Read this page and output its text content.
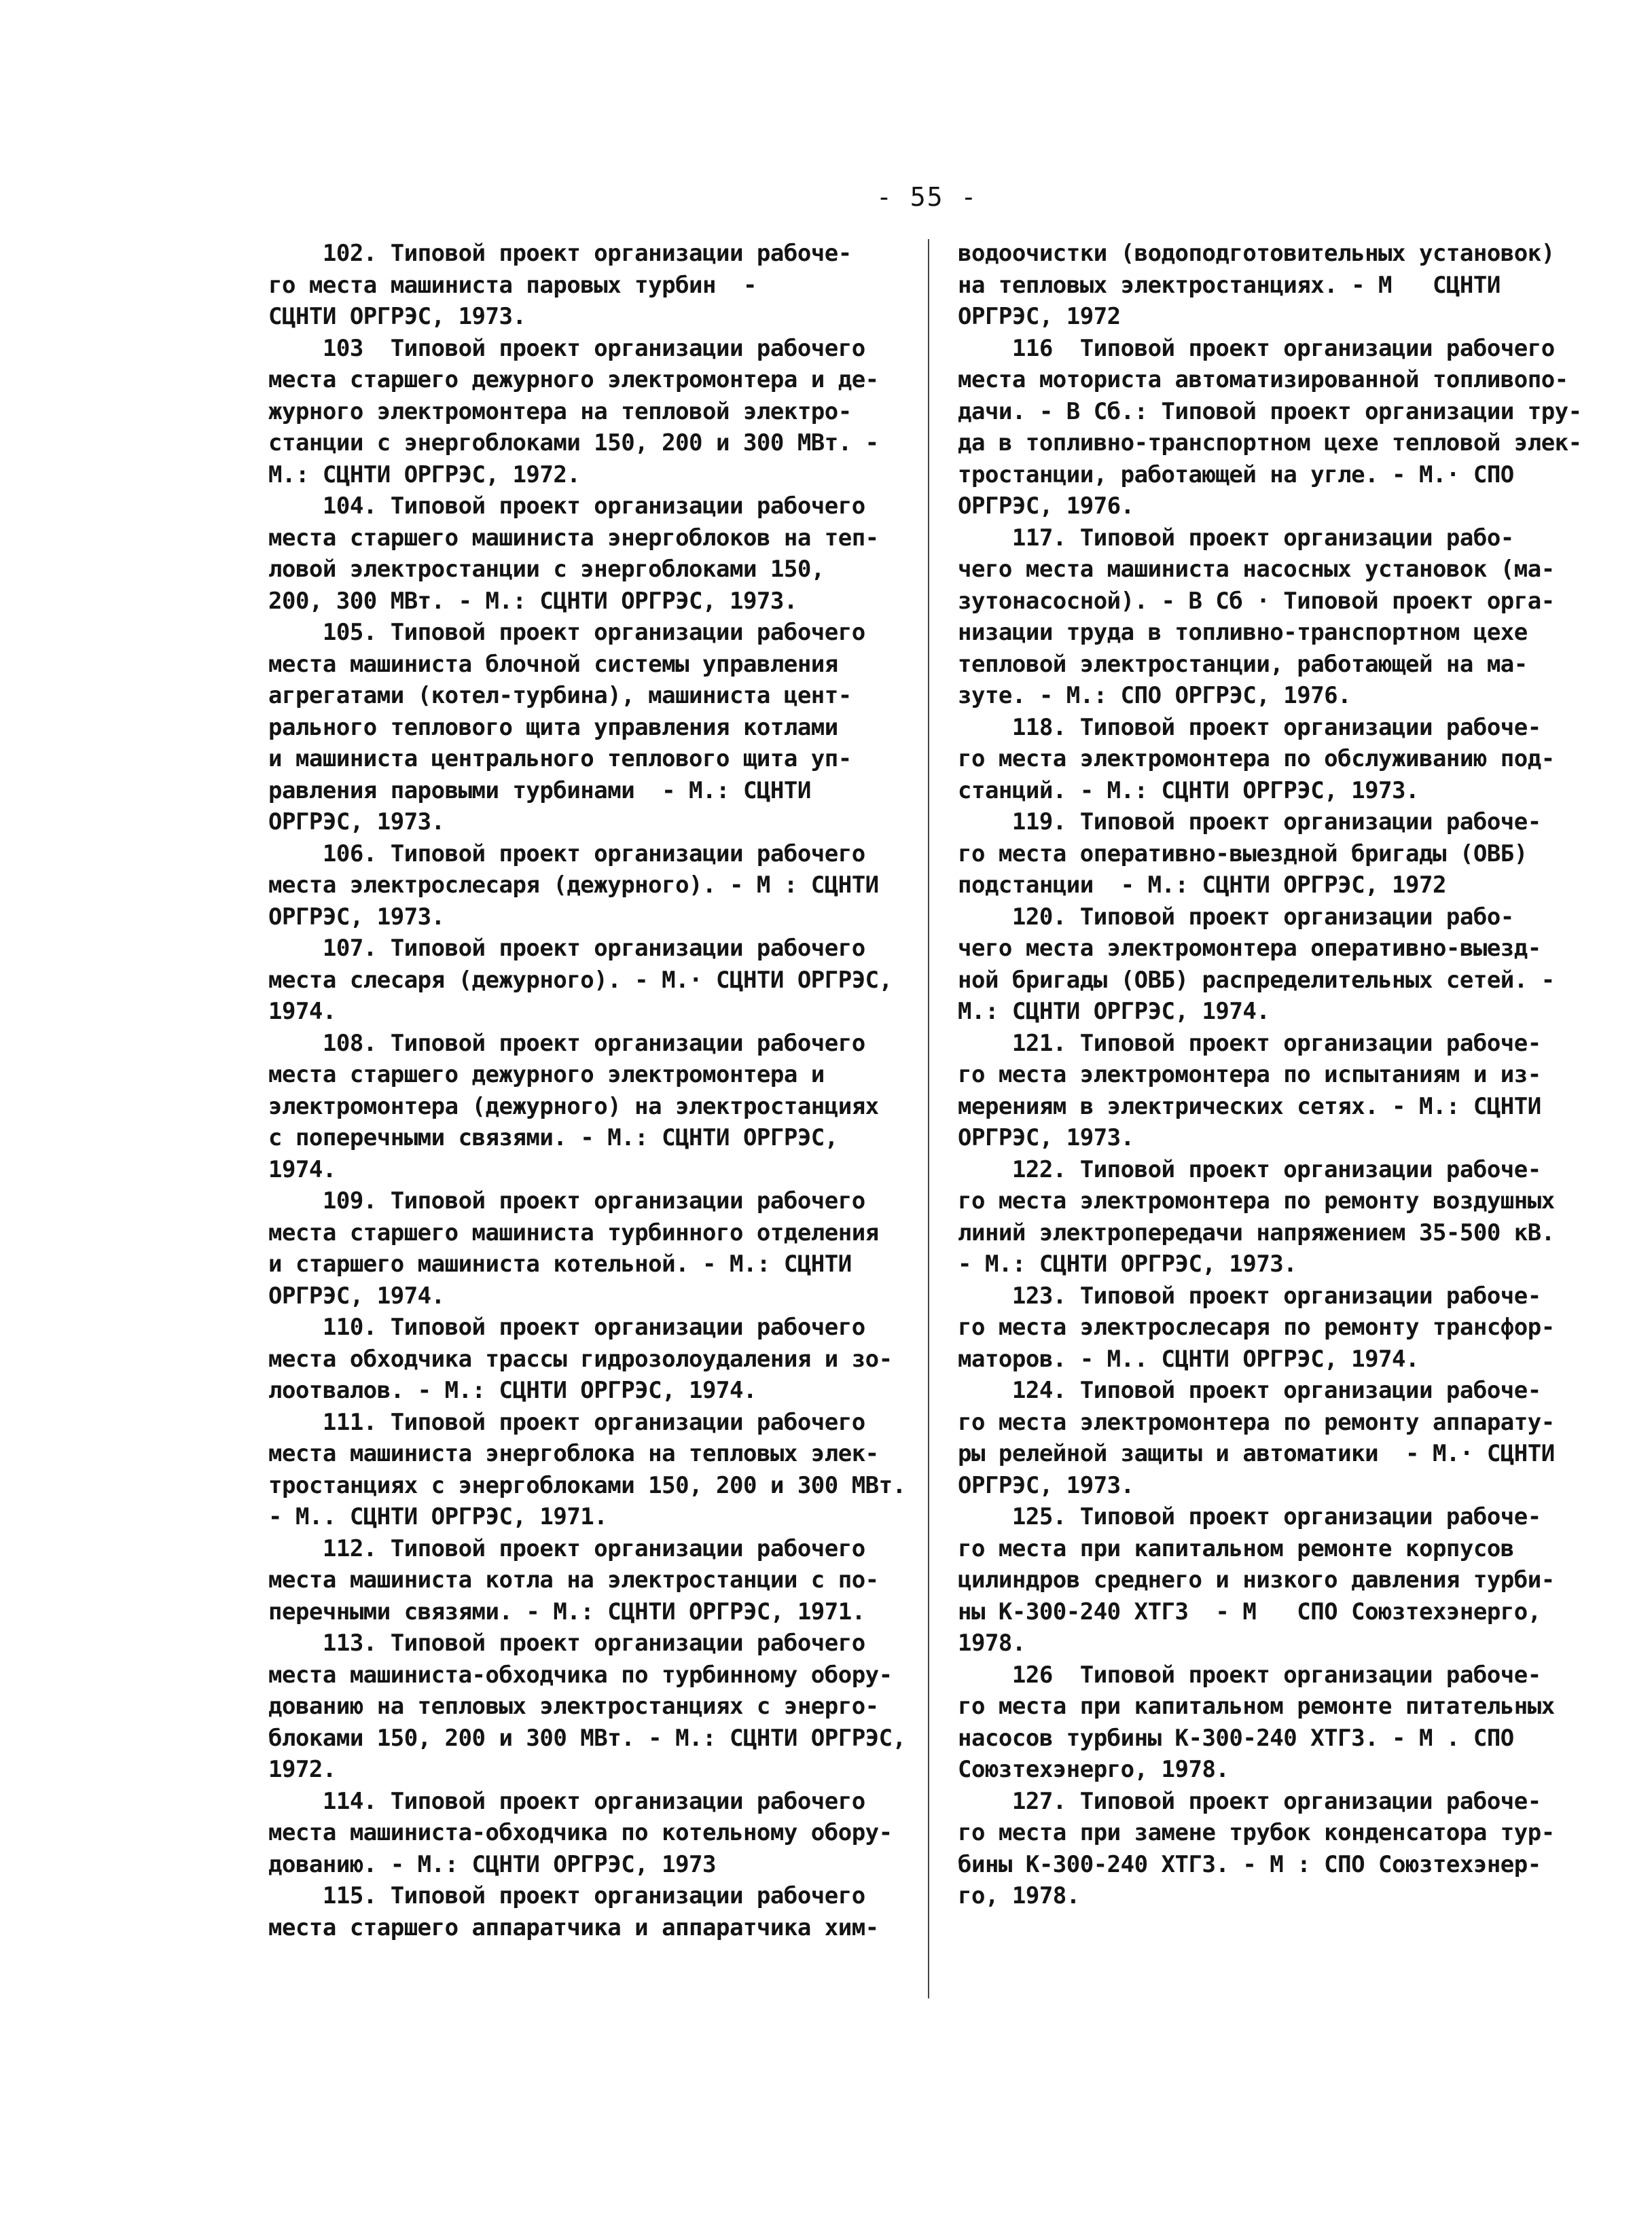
- 55 -
102. Типовой проект организации рабоче-
го места машиниста паровых турбин  -
СЦНТИ ОРГРЭС, 1973.
103  Типовой проект организации рабочего
места старшего дежурного электромонтера и де-
журного электромонтера на тепловой электро-
станции с энергоблоками 150, 200 и 300 МВт. -
М.: СЦНТИ ОРГРЭС, 1972.
104. Типовой проект организации рабочего
места старшего машиниста энергоблоков на теп-
ловой электростанции с энергоблоками 150,
200, 300 МВт. - М.: СЦНТИ ОРГРЭС, 1973.
105. Типовой проект организации рабочего
места машиниста блочной системы управления
агрегатами (котел-турбина), машиниста цент-
рального теплового щита управления котлами
и машиниста центрального теплового щита уп-
равления паровыми турбинами  - М.: СЦНТИ
ОРГРЭС, 1973.
106. Типовой проект организации рабочего
места электрослесаря (дежурного). - М : СЦНТИ
ОРГРЭС, 1973.
107. Типовой проект организации рабочего
места слесаря (дежурного). - М.· СЦНТИ ОРГРЭС,
1974.
108. Типовой проект организации рабочего
места старшего дежурного электромонтера и
электромонтера (дежурного) на электростанциях
с поперечными связями. - М.: СЦНТИ ОРГРЭС,
1974.
109. Типовой проект организации рабочего
места старшего машиниста турбинного отделения
и старшего машиниста котельной. - М.: СЦНТИ
ОРГРЭС, 1974.
110. Типовой проект организации рабочего
места обходчика трассы гидрозолоудаления и зо-
лоотвалов. - М.: СЦНТИ ОРГРЭС, 1974.
111. Типовой проект организации рабочего
места машиниста энергоблока на тепловых элек-
тростанциях с энергоблоками 150, 200 и 300 МВт.
- М.. СЦНТИ ОРГРЭС, 1971.
112. Типовой проект организации рабочего
места машиниста котла на электростанции с по-
перечными связями. - М.: СЦНТИ ОРГРЭС, 1971.
113. Типовой проект организации рабочего
места машиниста-обходчика по турбинному обору-
дованию на тепловых электростанциях с энерго-
блоками 150, 200 и 300 МВт. - М.: СЦНТИ ОРГРЭС,
1972.
114. Типовой проект организации рабочего
места машиниста-обходчика по котельному обору-
дованию. - М.: СЦНТИ ОРГРЭС, 1973
115. Типовой проект организации рабочего
места старшего аппаратчика и аппаратчика хим-
водоочистки (водоподготовительных установок)
на тепловых электростанциях. - М   СЦНТИ
ОРГРЭС, 1972
116  Типовой проект организации рабочего
места моториста автоматизированной топливопо-
дачи. - В Сб.: Типовой проект организации тру-
да в топливно-транспортном цехе тепловой элек-
тростанции, работающей на угле. - М.· СПО
ОРГРЭС, 1976.
117. Типовой проект организации рабо-
чего места машиниста насосных установок (ма-
зутонасосной). - В Сб · Типовой проект орга-
низации труда в топливно-транспортном цехе
тепловой электростанции, работающей на ма-
зуте. - М.: СПО ОРГРЭС, 1976.
118. Типовой проект организации рабоче-
го места электромонтера по обслуживанию под-
станций. - М.: СЦНТИ ОРГРЭС, 1973.
119. Типовой проект организации рабоче-
го места оперативно-выездной бригады (ОВБ)
подстанции  - М.: СЦНТИ ОРГРЭС, 1972
120. Типовой проект организации рабо-
чего места электромонтера оперативно-выезд-
ной бригады (ОВБ) распределительных сетей. -
М.: СЦНТИ ОРГРЭС, 1974.
121. Типовой проект организации рабоче-
го места электромонтера по испытаниям и из-
мерениям в электрических сетях. - М.: СЦНТИ
ОРГРЭС, 1973.
122. Типовой проект организации рабоче-
го места электромонтера по ремонту воздушных
линий электропередачи напряжением 35-500 кВ.
- М.: СЦНТИ ОРГРЭС, 1973.
123. Типовой проект организации рабоче-
го места электрослесаря по ремонту трансфор-
маторов. - М.. СЦНТИ ОРГРЭС, 1974.
124. Типовой проект организации рабоче-
го места электромонтера по ремонту аппарату-
ры релейной защиты и автоматики  - М.· СЦНТИ
ОРГРЭС, 1973.
125. Типовой проект организации рабоче-
го места при капитальном ремонте корпусов
цилиндров среднего и низкого давления турби-
ны К-300-240 ХТГЗ  - М   СПО Союзтехэнерго,
1978.
126  Типовой проект организации рабоче-
го места при капитальном ремонте питательных
насосов турбины К-300-240 ХТГЗ. - М . СПО
Союзтехэнерго, 1978.
127. Типовой проект организации рабоче-
го места при замене трубок конденсатора тур-
бины К-300-240 ХТГЗ. - М : СПО Союзтехэнер-
го, 1978.
